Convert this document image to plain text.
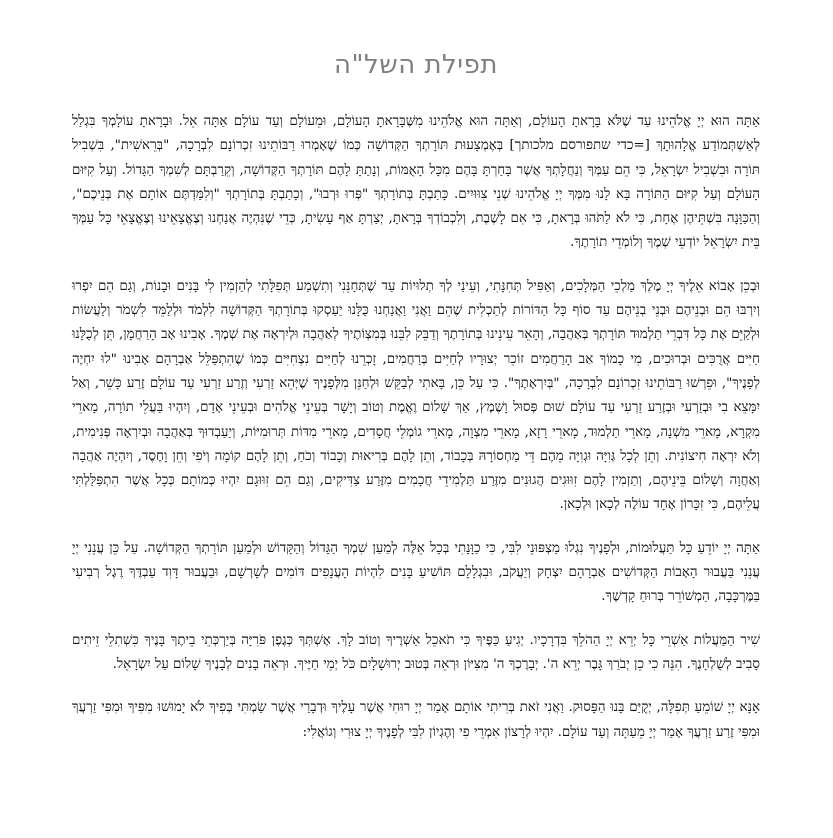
תפילת השל"ה

אַתָּה הוּא יְיָ אֱלֹהֵינוּ עַד שֶׁלֹּא בָּרָאתָ הָעוֹלָם, וְאַתָּה הוּא אֱלֹהֵינוּ מִשֶּׁבָּרָאתָ הָעוֹלָם, וּמֵעוֹלָם וְעַד עוֹלָם אַתָּה אֵל. וּבָרָאתָ עוֹלָמְךָ בִּגְלַל לְאַשְׁתְּמוֹדַע אֱלָהוּתָךְ [=כדי שתפורסם מלכותך] בְּאֶמְצָעוּת תּוֹרָתְךָ הַקְּדוֹשָׁה כְּמוֹ שֶׁאָמְרוּ רַבּוֹתֵינוּ זִכְרוֹנָם לִבְרָכָה, "בְּרֵאשִׁית", בִּשְׁבִיל תּוֹרָה וּבִשְׁבִיל יִשְׂרָאֵל, כִּי הֵם עַמְּךָ וְנַחֲלָתְךָ אֲשֶׁר בָּחַרְתָּ בָּהֶם מִכָּל הָאֻמּוֹת, וְנָתַתָּ לָהֶם תּוֹרָתְךָ הַקְּדוֹשָׁה, וְקֵרַבְתָּם לְשִׁמְךָ הַגָּדוֹל. וְעַל קִיּוּם הָעוֹלָם וְעַל קִיּוּם הַתּוֹרָה בָּא לָנוּ מִמְּךָ יְיָ אֱלֹהֵינוּ שְׁנֵי צִוּוּיִים. כָּתַבְתָּ בְּתוֹרָתְךָ "פְּרוּ וּרְבוּ", וְכָתַבְתָּ בְּתוֹרָתְךָ "וְלִמַּדְתֶּם אוֹתָם אֶת בְּנֵיכֶם", וְהַכַּוָּנָה בִּשְׁתֵּיהֶן אֶחָת, כִּי לֹא לַתֹּהוּ בְּרָאתָ, כִּי אִם לָשֶׁבֶת, וְלִכְבוֹדְךָ בְּרָאתָ, יְצַרְתָּ אַף עָשִׂיתָ, כְּדֵי שֶׁנִּהְיֶה אֲנַחְנוּ וְצֶאֱצָאֵינוּ וְצֶאֱצָאֵי כָּל עַמְּךָ בֵּית יִשְׂרָאֵל יוֹדְעֵי שְׁמֶךָ וְלוֹמְדֵי תוֹרָתֶךָ.

וּבְכֵן אָבוֹא אֵלֶיךָ יְיָ מֶלֶךְ מַלְכֵי הַמְּלָכִים, וְאַפִּיל תְּחִנָּתִי, וְעֵינַי לְךָ תְלוּיוֹת עַד שֶׁתְּחָנֵּנִי וְתִשְׁמַע תְּפִלָּתִי לְהַזְמִין לִי בָּנִים וּבָנוֹת, וְגַם הֵם יִפְרוּ וְיִרְבּוּ הֵם וּבְנֵיהֶם וּבְנֵי בְנֵיהֶם עַד סוֹף כָּל הַדּוֹרוֹת לְתַכְלִית שֶׁהֵם וַאֲנִי וַאֲנַחְנוּ כֻּלָּנוּ יַעַסְקוּ בְּתוֹרָתְךָ הַקְּדוֹשָׁה לִלְמֹד וּלְלַמֵּד לִשְׁמֹר וְלַעֲשׂוֹת וּלְקַיֵּם אֶת כָּל דִּבְרֵי תַלְמוּד תּוֹרָתְךָ בְּאַהֲבָה, וְהָאֵר עֵינֵינוּ בְּתוֹרָתֶךָ וְדַבֵּק לִבֵּנוּ בְּמִצְוֹתֶיךָ לְאַהֲבָה וּלְיִרְאָה אֶת שְׁמֶךָ. אָבִינוּ אָב הָרַחֲמָן, תֵּן לְכֻלָּנוּ חַיִּים אֲרֻכִּים וּבְרוּכִים, מִי כָמוֹךָ אַב הָרַחֲמִים זוֹכֵר יְצוּרָיו לְחַיִּים בְּרַחֲמִים, זָכְרֵנוּ לְחַיִּים נִצְחִיִּים כְּמוֹ שֶׁהִתְפַּלֵּל אַבְרָהָם אָבִינוּ "לוּ יִחְיֶה לְפָנֶיךָ", וּפֵרְשׁוּ רַבּוֹתֵינוּ זִכְרוֹנָם לִבְרָכָה, "בְּיִרְאָתֶךָ". כִּי עַל כֵּן, בָּאתִי לְבַקֵּשׁ וּלְחַנֵּן מִלְּפָנֶיךָ שֶׁיְּהֵא זַרְעִי וְזֶרַע זַרְעִי עַד עוֹלָם זֶרַע כָּשֵׁר, וְאַל יִמָּצֵא בִי וּבְזַרְעִי וּבְזֶרַע זַרְעִי עַד עוֹלָם שׁוּם פְּסוּל וָשֶׁמֶץ, אַךְ שָׁלוֹם וֶאֱמֶת וְטוֹב וְיָשָׁר בְּעֵינֵי אֱלֹהִים וּבְעֵינֵי אָדָם, וְיִהְיוּ בַּעֲלֵי תוֹרָה, מָארֵי מִקְרָא, מָארֵי מִשְׁנָה, מָארֵי תַלְמוּד, מָארֵי רָזָא, מָארֵי מִצְוָה, מָארֵי גוֹמְלֵי חֲסָדִים, מָארֵי מִדּוֹת תְּרוּמִיּוֹת, וְיַעַבְדוּךָ בְּאַהֲבָה וּבְיִרְאָה פְּנִימִית, וְלֹא יִרְאָה חִיצוֹנִית. וְתֵן לְכָל גְּוִיָּה וּגְוִיָּה מֵהֶם דֵּי מַחְסוֹרָהּ בְּכָבוֹד, וְתֵן לָהֶם בְּרִיאוּת וְכָבוֹד וְכֹחַ, וְתֵן לָהֶם קוֹמָה וְיֹפִי וְחֵן וָחֶסֶד, וְיִהְיֶה אַהֲבָה וְאַחֲוָה וְשָׁלוֹם בֵּינֵיהֶם, וְתַזְמִין לָהֶם זִוּוּגִים הֲגוּנִים מִזֶּרַע תַּלְמִידֵי חֲכָמִים מִזֶּרַע צַדִּיקִים, וְגַם הֵם זִוּוּגָם יִהְיוּ כְּמוֹתָם כְּכָל אֲשֶׁר הִתְפַּלַּלְתִּי עֲלֵיהֶם, כִּי זִכָּרוֹן אֶחָד עוֹלֶה לְכָאן וּלְכָאן.

אַתָּה יְיָ יוֹדֵעַ כָּל תַּעֲלוּמוֹת, וּלְפָנֶיךָ נִגְלוּ מַצְפּוּנֵי לִבִּי, כִּי כַוָּנָתִי בְּכָל אֵלֶּה לְמַעַן שִׁמְךָ הַגָּדוֹל וְהַקָּדוֹשׁ וּלְמַעַן תּוֹרָתְךָ הַקְּדוֹשָׁה. עַל כֵּן עֲנֵנִי יְיָ עֲנֵנִי בַּעֲבוּר הָאָבוֹת הַקְּדוֹשִׁים אַבְרָהָם יִצְחָק וְיַעֲקֹב, וּבִגְלָלָם תּוֹשִׁיעַ בָּנִים לִהְיוֹת הָעֲנָפִים דּוֹמִים לְשָׁרְשָׁם, וּבַעֲבוּר דָּוִד עַבְדֶּךָ רֶגֶל רְבִיעִי בַּמֶּרְכָּבָה, הַמְשׁוֹרֵר בְּרוּחַ קָדְשֶׁךָ.

שִׁיר הַמַּעֲלוֹת אַשְׁרֵי כָּל יְרֵא יְיָ הַהֹלֵךְ בִּדְרָכָיו. יְגִיעַ כַּפֶּיךָ כִּי תֹאכֵל אַשְׁרֶיךָ וְטוֹב לָךְ. אֶשְׁתְּךָ כְּגֶפֶן פֹּרִיָּה בְּיַרְכְּתֵי בֵיתֶךָ בָּנֶיךָ כִּשְׁתִלֵי זֵיתִים סָבִיב לְשֻׁלְחָנֶךָ. הִנֵּה כִי כֵן יְבֹרַךְ גָּבֶר יְרֵא ה'. יְבָרֶכְךָ ה' מִצִּיּוֹן וּרְאֵה בְּטוּב יְרוּשָׁלָיִם כֹּל יְמֵי חַיֶּיךָ. וּרְאֵה בָנִים לְבָנֶיךָ שָׁלוֹם עַל יִשְׂרָאֵל.

אָנָּא יְיָ שׁוֹמֵעַ תְּפִלָּה, יְקֻיַּם בָּנוּ הַפָּסוּק. וַאֲנִי זֹאת בְּרִיתִי אוֹתָם אָמַר יְיָ רוּחִי אֲשֶׁר עָלֶיךָ וּדְבָרַי אֲשֶׁר שַׂמְתִּי בְּפִיךָ לֹא יָמוּשׁוּ מִפִּיךָ וּמִפִּי זַרְעֲךָ וּמִפִּי זֶרַע זַרְעֲךָ אָמַר יְיָ מֵעַתָּה וְעַד עוֹלָם. יִהְיוּ לְרָצוֹן אִמְרֵי פִי וְהֶגְיוֹן לִבִּי לְפָנֶיךָ יְיָ צוּרִי וְגוֹאֲלִי:
